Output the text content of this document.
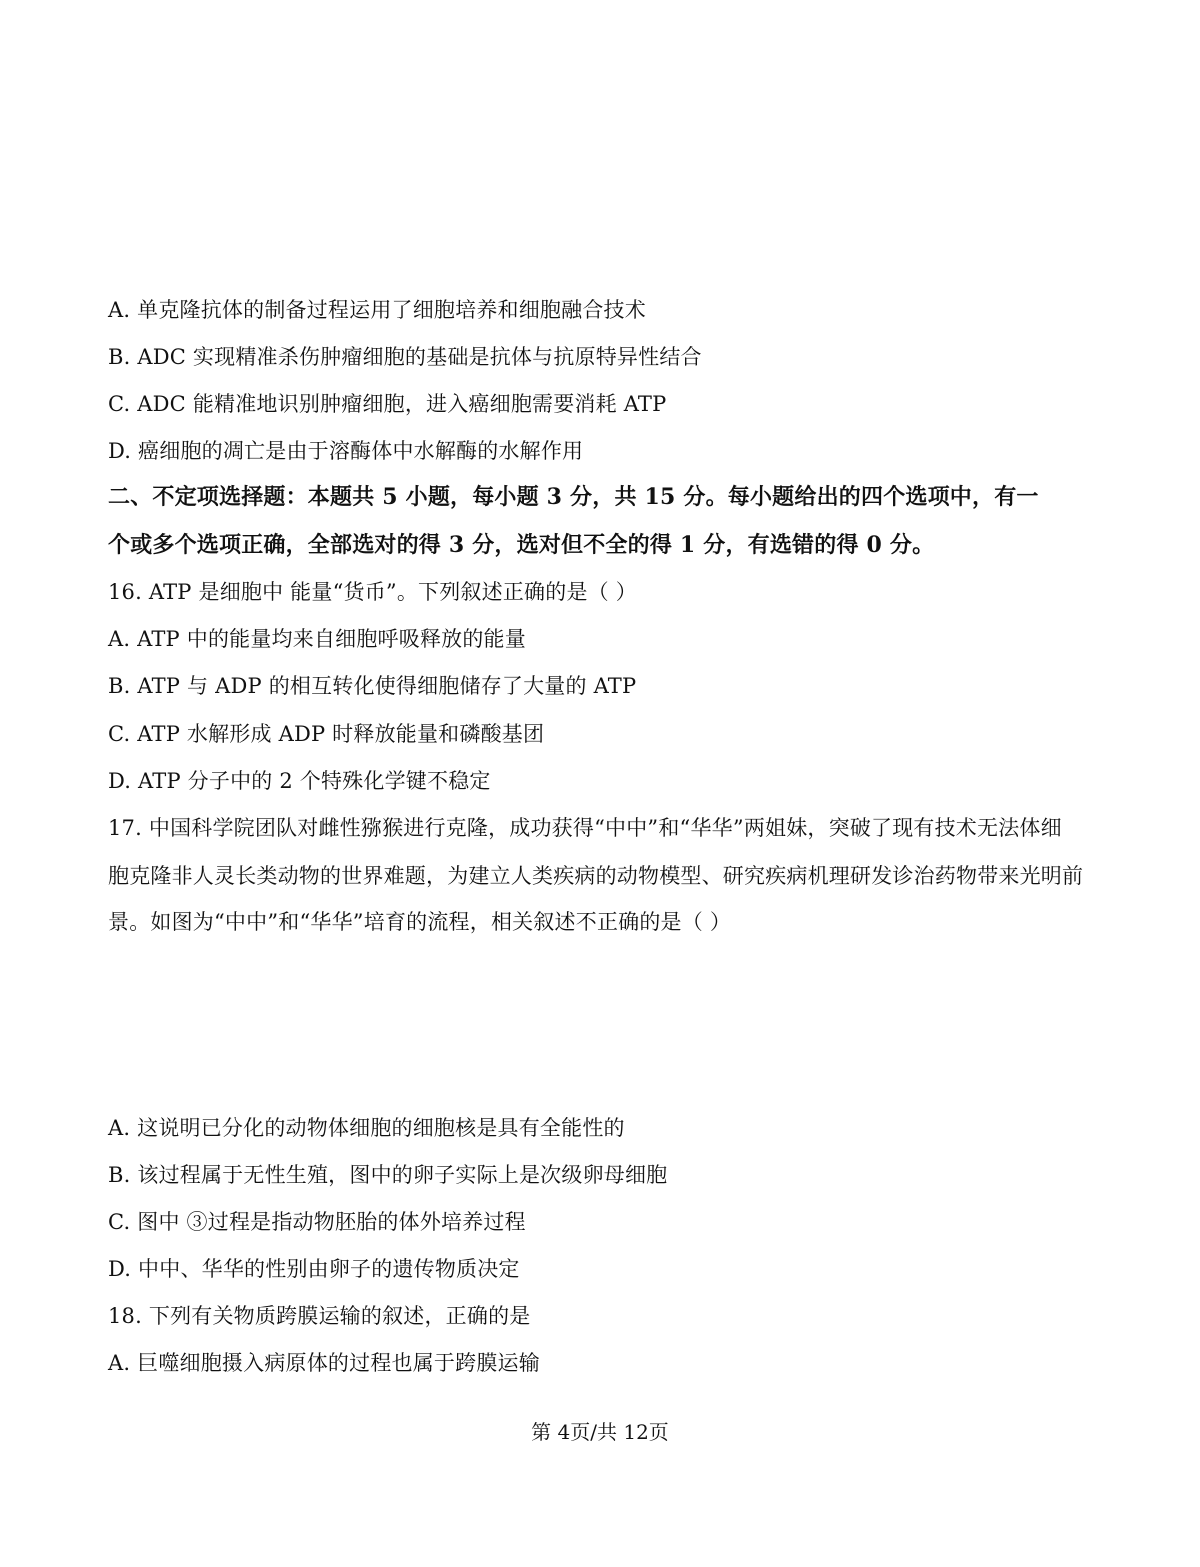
A. 单克隆抗体的制备过程运用了细胞培养和细胞融合技术
B. ADC 实现精准杀伤肿瘤细胞的基础是抗体与抗原特异性结合
C. ADC 能精准地识别肿瘤细胞，进入癌细胞需要消耗 ATP
D. 癌细胞的凋亡是由于溶酶体中水解酶的水解作用
二、不定项选择题：本题共 5 小题，每小题 3 分，共 15 分。每小题给出的四个选项中，有一
个或多个选项正确，全部选对的得 3 分，选对但不全的得 1 分，有选错的得 0 分。
16. ATP 是细胞中 能量“货币”。下列叙述正确的是（ ）
A. ATP 中的能量均来自细胞呼吸释放的能量
B. ATP 与 ADP 的相互转化使得细胞储存了大量的 ATP
C. ATP 水解形成 ADP 时释放能量和磷酸基团
D. ATP 分子中的 2 个特殊化学键不稳定
17. 中国科学院团队对雌性猕猴进行克隆，成功获得“中中”和“华华”两姐妹，突破了现有技术无法体细
胞克隆非人灵长类动物的世界难题，为建立人类疾病的动物模型、研究疾病机理研发诊治药物带来光明前
景。如图为“中中”和“华华”培育的流程，相关叙述不正确的是（ ）
A. 这说明已分化的动物体细胞的细胞核是具有全能性的
B. 该过程属于无性生殖，图中的卵子实际上是次级卵母细胞
C. 图中 ③过程是指动物胚胎的体外培养过程
D. 中中、华华的性别由卵子的遗传物质决定
18. 下列有关物质跨膜运输的叙述，正确的是
A. 巨噬细胞摄入病原体的过程也属于跨膜运输
第 4页/共 12页
